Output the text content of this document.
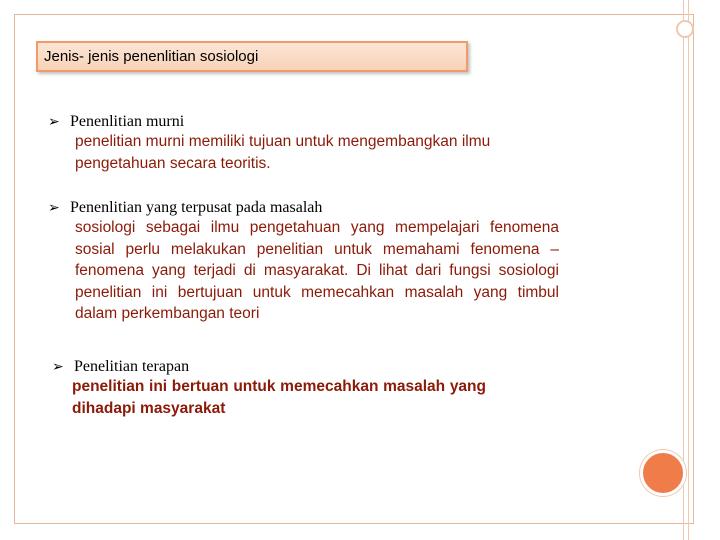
Jenis- jenis penenlitian sosiologi
➢ Penenlitian murni
penelitian murni memiliki tujuan untuk mengembangkan ilmu pengetahuan secara teoritis.
➢ Penenlitian yang terpusat pada masalah
sosiologi sebagai ilmu pengetahuan yang mempelajari fenomena sosial perlu melakukan penelitian untuk memahami fenomena – fenomena yang terjadi di masyarakat. Di lihat dari fungsi sosiologi penelitian ini bertujuan untuk memecahkan masalah yang timbul dalam perkembangan teori
➢ Penelitian terapan
penelitian ini bertuan untuk memecahkan masalah yang dihadapi masyarakat
